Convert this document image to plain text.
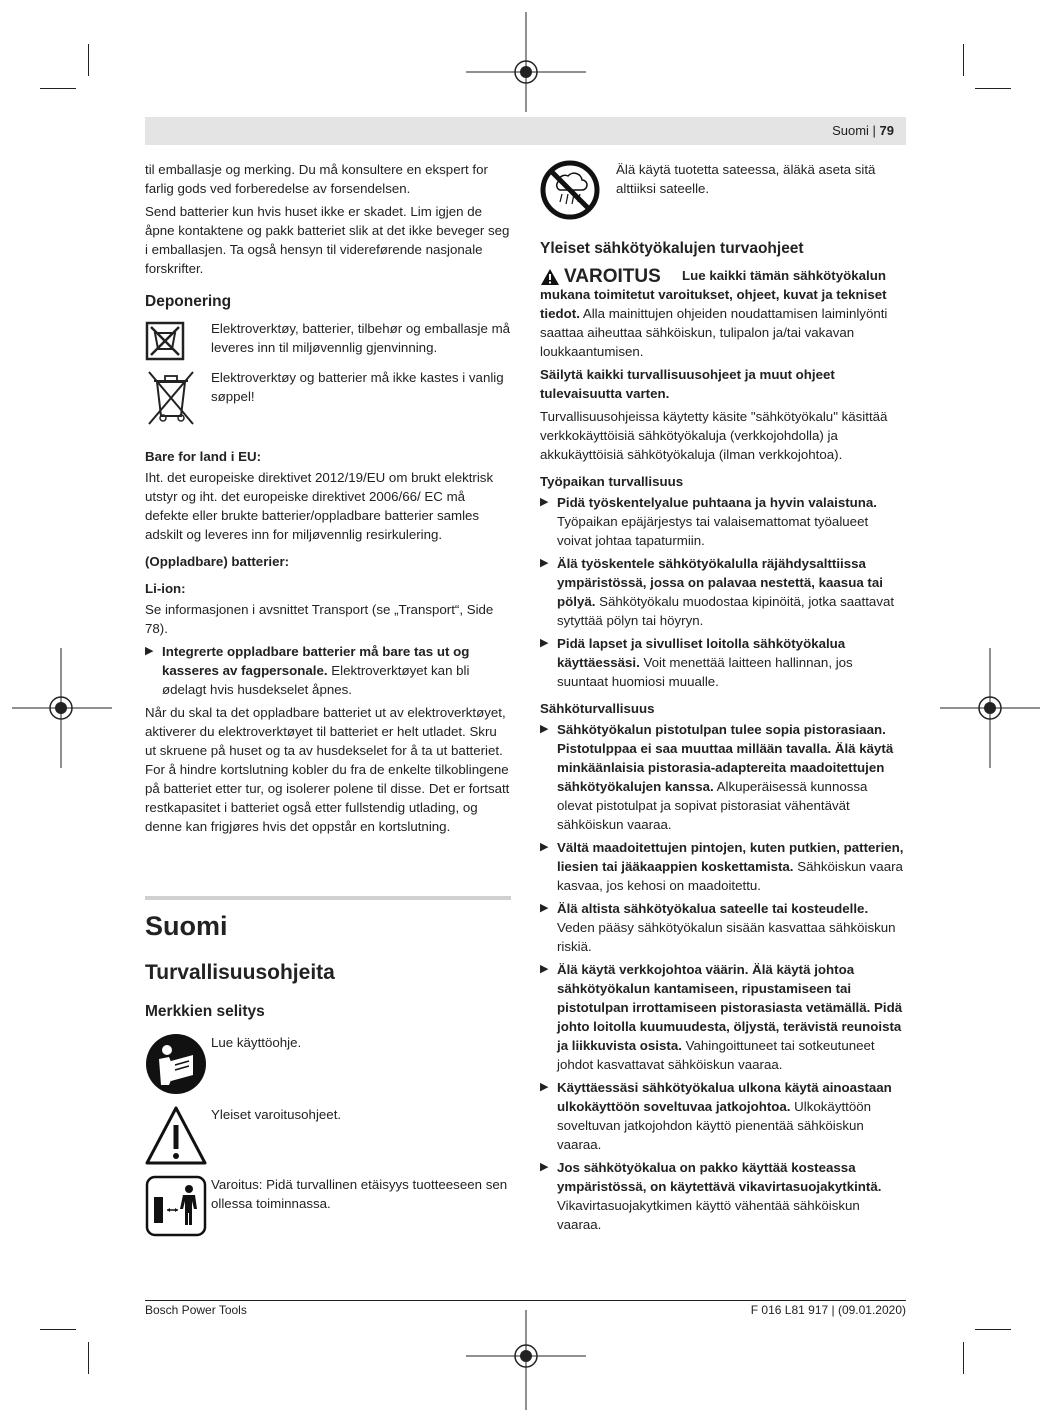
Suomi | 79

til emballasje og merking. Du må konsultere en ekspert for farlig gods ved forberedelse av forsendelsen.

Send batterier kun hvis huset ikke er skadet. Lim igjen de åpne kontaktene og pakk batteriet slik at det ikke beveger seg i emballasjen. Ta også hensyn til videreførende nasjonale forskrifter.

Deponering
Elektroverktøy, batterier, tilbehør og emballasje må leveres inn til miljøvennlig gjenvinning.
Elektroverktøy og batterier må ikke kastes i vanlig søppel!
Bare for land i EU:

Iht. det europeiske direktivet 2012/19/EU om brukt elektrisk utstyr og iht. det europeiske direktivet 2006/66/ EC må defekte eller brukte batterier/oppladbare batterier samles adskilt og leveres inn for miljøvennlig resirkulering.

(Oppladbare) batterier:
Li-ion:

Se informasjonen i avsnittet Transport (se „Transport“, Side 78).

▶ Integrerte oppladbare batterier må bare tas ut og kasseres av fagpersonale. Elektroverktøyet kan bli ødelagt hvis husdekselet åpnes.

Når du skal ta det oppladbare batteriet ut av elektroverktøyet, aktiverer du elektroverktøyet til batteriet er helt utladet. Skru ut skruene på huset og ta av husdekselet for å ta ut batteriet. For å hindre kortslutning kobler du fra de enkelte tilkoblingene på batteriet etter tur, og isolerer polene til disse. Det er fortsatt restkapasitet i batteriet også etter fullstendig utlading, og denne kan frigjøres hvis det oppstår en kortslutning.

Suomi
Turvallisuusohjeita
Merkkien selitys
Lue käyttöohje.
Yleiset varoitusohjeet.
Varoitus: Pidä turvallinen etäisyys tuotteeseen sen ollessa toiminnassa.
Älä käytä tuotetta sateessa, äläkä aseta sitä alttiiksi sateelle.
Yleiset sähkötyökalujen turvaohjeet
VAROITUS	Lue kaikki tämän sähkötyökalun mukana toimitetut varoitukset, ohjeet, kuvat ja tekniset tiedot. Alla mainittujen ohjeiden noudattamisen laiminlyönti saattaa aiheuttaa sähköiskun, tulipalon ja/tai vakavan loukkaantumisen.

Säilytä kaikki turvallisuusohjeet ja muut ohjeet tulevaisuutta varten.

Turvallisuusohjeissa käytetty käsite "sähkötyökalu" käsittää verkkokäyttöisiä sähkötyökaluja (verkkojohdolla) ja akkukäyttöisiä sähkötyökaluja (ilman verkkojohtoa).

Työpaikan turvallisuus
▶ Pidä työskentelyalue puhtaana ja hyvin valaistuna. Työpaikan epäjärjestys tai valaisemattomat työalueet voivat johtaa tapaturmiin.
▶ Älä työskentele sähkötyökalulla räjähdysalttiissa ympäristössä, jossa on palavaa nestettä, kaasua tai pölyä. Sähkötyökalu muodostaa kipinöitä, jotka saattavat sytyttää pölyn tai höyryn.
▶ Pidä lapset ja sivulliset loitolla sähkötyökalua käyttäessäsi. Voit menettää laitteen hallinnan, jos suuntaat huomiosi muualle.
Sähköturvallisuus
▶ Sähkötyökalun pistotulpan tulee sopia pistorasiaan. Pistotulppaa ei saa muuttaa millään tavalla. Älä käytä minkäänlaisia pistorasia-adaptereita maadoitettujen sähkötyökalujen kanssa. Alkuperäisessä kunnossa olevat pistotulpat ja sopivat pistorasiat vähentävät sähköiskun vaaraa.
▶ Vältä maadoitettujen pintojen, kuten putkien, patterien, liesien tai jääkaappien koskettamista. Sähköiskun vaara kasvaa, jos kehosi on maadoitettu.
▶ Älä altista sähkötyökalua sateelle tai kosteudelle. Veden pääsy sähkötyökalun sisään kasvattaa sähköiskun riskiä.
▶ Älä käytä verkkojohtoa väärin. Älä käytä johtoa sähkötyökalun kantamiseen, ripustamiseen tai pistotulpan irrottamiseen pistorasiasta vetämällä. Pidä johto loitolla kuumuudesta, öljystä, terävistä reunoista ja liikkuvista osista. Vahingoittuneet tai sotkeutuneet johdot kasvattavat sähköiskun vaaraa.
▶ Käyttäessäsi sähkötyökalua ulkona käytä ainoastaan ulkokäyttöön soveltuvaa jatkojohtoa. Ulkokäyttöön soveltuvan jatkojohdon käyttö pienentää sähköiskun vaaraa.
▶ Jos sähkötyökalua on pakko käyttää kosteassa ympäristössä, on käytettävä vikavirtasuojakytkintä. Vikavirtasuojakytkimen käyttö vähentää sähköiskun vaaraa.
Bosch Power Tools	F 016 L81 917 | (09.01.2020)
